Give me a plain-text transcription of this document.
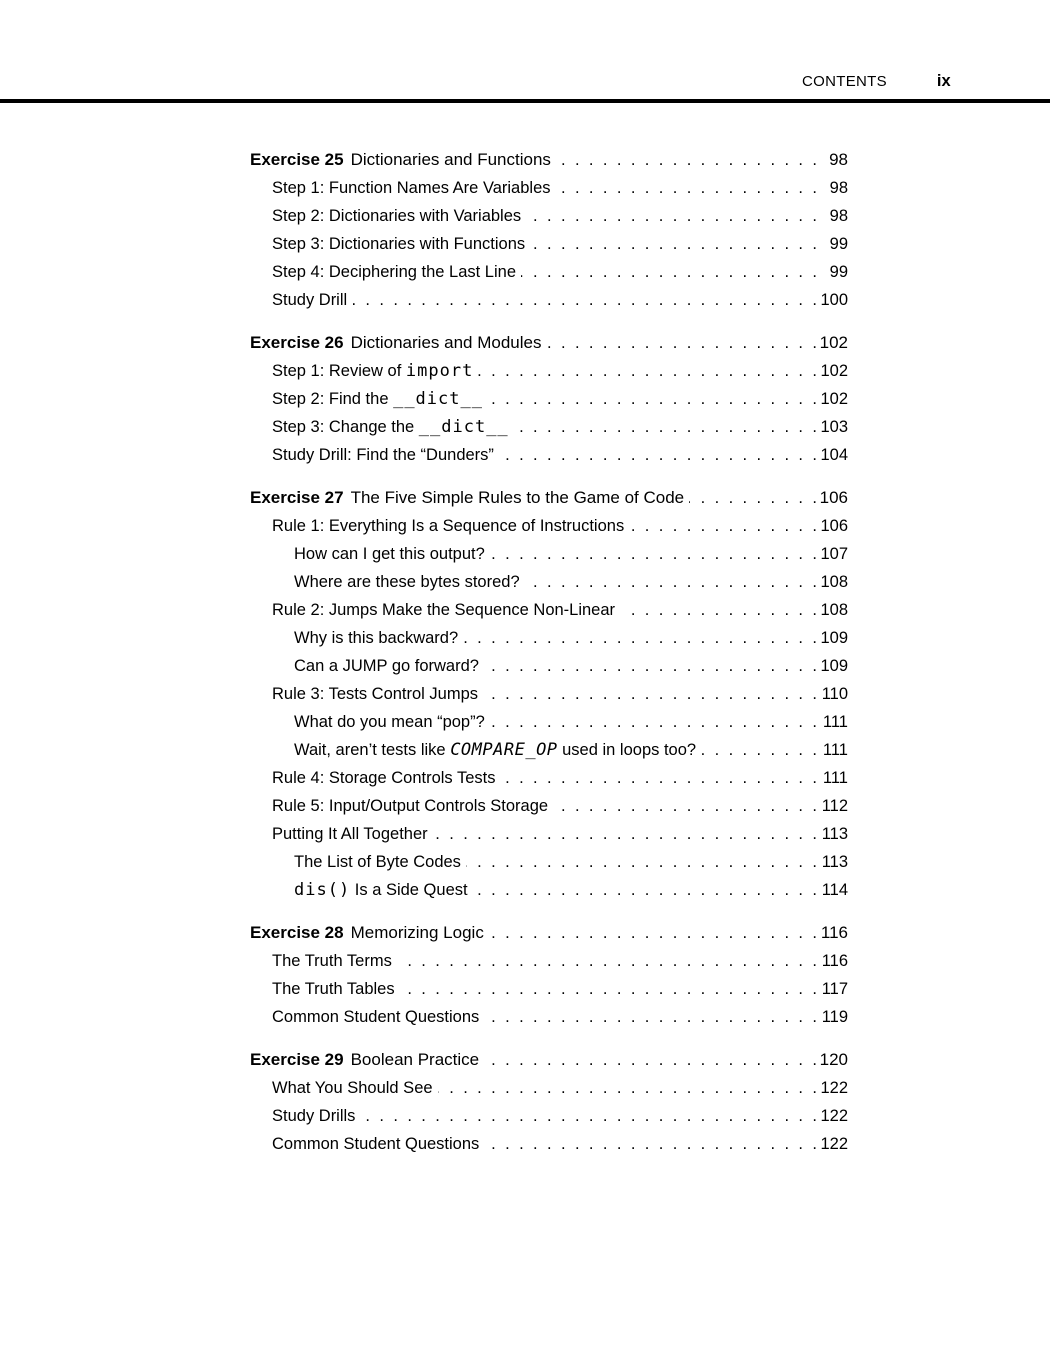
CONTENTS	ix
Exercise 25 Dictionaries and Functions . . .	98
Step 1: Function Names Are Variables . . .	98
Step 2: Dictionaries with Variables . . .	98
Step 3: Dictionaries with Functions . . .	99
Step 4: Deciphering the Last Line . . .	99
Study Drill . . .	100
Exercise 26 Dictionaries and Modules . . .	102
Step 1: Review of import . . .	102
Step 2: Find the __dict__ . . .	102
Step 3: Change the __dict__ . . .	103
Study Drill: Find the “Dunders” . . .	104
Exercise 27 The Five Simple Rules to the Game of Code . . .	106
Rule 1: Everything Is a Sequence of Instructions . . .	106
How can I get this output? . . .	107
Where are these bytes stored? . . .	108
Rule 2: Jumps Make the Sequence Non-Linear . . .	108
Why is this backward? . . .	109
Can a JUMP go forward? . . .	109
Rule 3: Tests Control Jumps . . .	110
What do you mean “pop”? . . .	111
Wait, aren’t tests like COMPARE_OP used in loops too? . . .	111
Rule 4: Storage Controls Tests . . .	111
Rule 5: Input/Output Controls Storage . . .	112
Putting It All Together . . .	113
The List of Byte Codes . . .	113
dis() Is a Side Quest . . .	114
Exercise 28 Memorizing Logic . . .	116
The Truth Terms . . .	116
The Truth Tables . . .	117
Common Student Questions . . .	119
Exercise 29 Boolean Practice . . .	120
What You Should See . . .	122
Study Drills . . .	122
Common Student Questions . . .	122
